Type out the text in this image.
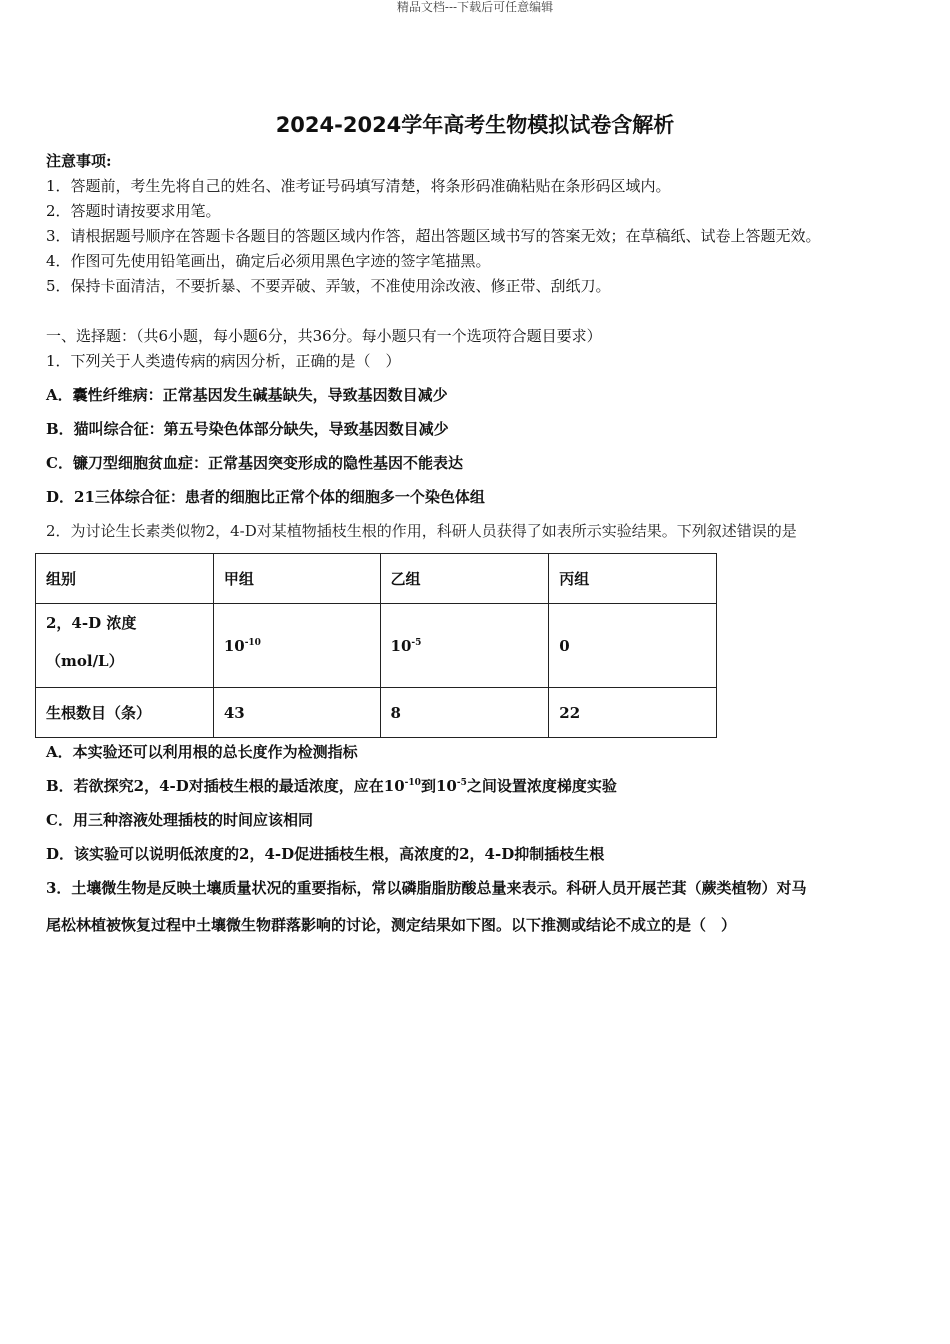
精品文档---下载后可任意编辑
2024-2024学年高考生物模拟试卷含解析
注意事项:
1．答题前，考生先将自己的姓名、准考证号码填写清楚，将条形码准确粘贴在条形码区域内。
2．答题时请按要求用笔。
3．请根据题号顺序在答题卡各题目的答题区域内作答，超出答题区域书写的答案无效；在草稿纸、试卷上答题无效。
4．作图可先使用铅笔画出，确定后必须用黑色字迹的签字笔描黑。
5．保持卡面清洁，不要折暴、不要弄破、弄皱，不准使用涂改液、修正带、刮纸刀。
一、选择题：（共6小题，每小题6分，共36分。每小题只有一个选项符合题目要求）
1．下列关于人类遗传病的病因分析，正确的是（　）
A．囊性纤维病：正常基因发生碱基缺失，导致基因数目减少
B．猫叫综合征：第五号染色体部分缺失，导致基因数目减少
C．镰刀型细胞贫血症：正常基因突变形成的隐性基因不能表达
D．21三体综合征：患者的细胞比正常个体的细胞多一个染色体组
2．为讨论生长素类似物2，4-D对某植物插枝生根的作用，科研人员获得了如表所示实验结果。下列叙述错误的是
组别	甲组	乙组	丙组

2，4-D 浓度
（mol/L）	$10^{-10}$	$10^{-5}$	0
生根数目（条）	43	8	22
A．本实验还可以利用根的总长度作为检测指标
B．若欲探究2，4-D对插枝生根的最适浓度，应在$10^{-10}$到$10^{-5}$之间设置浓度梯度实验
C．用三种溶液处理插枝的时间应该相同
D．该实验可以说明低浓度的2，4-D促进插枝生根，高浓度的2，4-D抑制插枝生根
3．土壤微生物是反映土壤质量状况的重要指标，常以磷脂脂肪酸总量来表示。科研人员开展芒萁（蕨类植物）对马
尾松林植被恢复过程中土壤微生物群落影响的讨论，测定结果如下图。以下推测或结论不成立的是（　）
